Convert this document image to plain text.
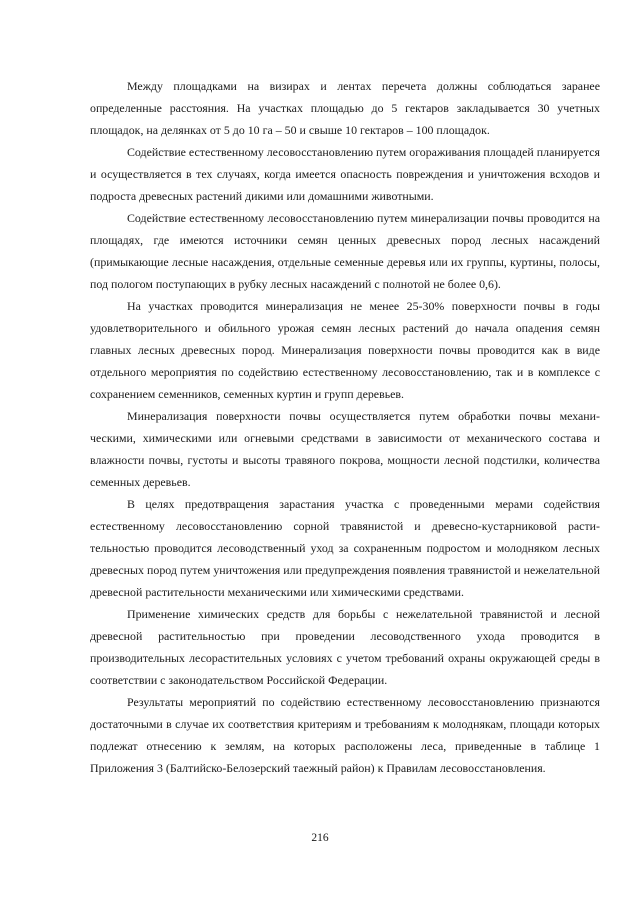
Между площадками на визирах и лентах перечета должны соблюдаться заранее определенные расстояния. На участках площадью до 5 гектаров закладывается 30 учетных площадок, на делянках от 5 до 10 га – 50 и свыше 10 гектаров – 100 площадок.

Содействие естественному лесовосстановлению путем огораживания площадей планируется и осуществляется в тех случаях, когда имеется опасность повреждения и уничтожения всходов и подроста древесных растений дикими или домашними животными.

Содействие естественному лесовосстановлению путем минерализации почвы проводится на площадях, где имеются источники семян ценных древесных пород лесных насаждений (примыкающие лесные насаждения, отдельные семенные деревья или их группы, куртины, полосы, под пологом поступающих в рубку лесных насаждений с полнотой не более 0,6).

На участках проводится минерализация не менее 25-30% поверхности почвы в годы удовлетворительного и обильного урожая семян лесных растений до начала опадения семян главных лесных древесных пород. Минерализация поверхности почвы проводится как в виде отдельного мероприятия по содействию естественному лесовосстановлению, так и в комплексе с сохранением семенников, семенных куртин и групп деревьев.

Минерализация поверхности почвы осуществляется путем обработки почвы механическими, химическими или огневыми средствами в зависимости от механического состава и влажности почвы, густоты и высоты травяного покрова, мощности лесной подстилки, количества семенных деревьев.

В целях предотвращения зарастания участка с проведенными мерами содействия естественному лесовосстановлению сорной травянистой и древесно-кустарниковой растительностью проводится лесоводственный уход за сохраненным подростом и молодняком лесных древесных пород путем уничтожения или предупреждения появления травянистой и нежелательной древесной растительности механическими или химическими средствами.

Применение химических средств для борьбы с нежелательной травянистой и лесной древесной растительностью при проведении лесоводственного ухода проводится в производительных лесорастительных условиях с учетом требований охраны окружающей среды в соответствии с законодательством Российской Федерации.

Результаты мероприятий по содействию естественному лесовосстановлению признаются достаточными в случае их соответствия критериям и требованиям к молоднякам, площади которых подлежат отнесению к землям, на которых расположены леса, приведенные в таблице 1 Приложения 3 (Балтийско-Белозерский таежный район) к Правилам лесовосстановления.

216
